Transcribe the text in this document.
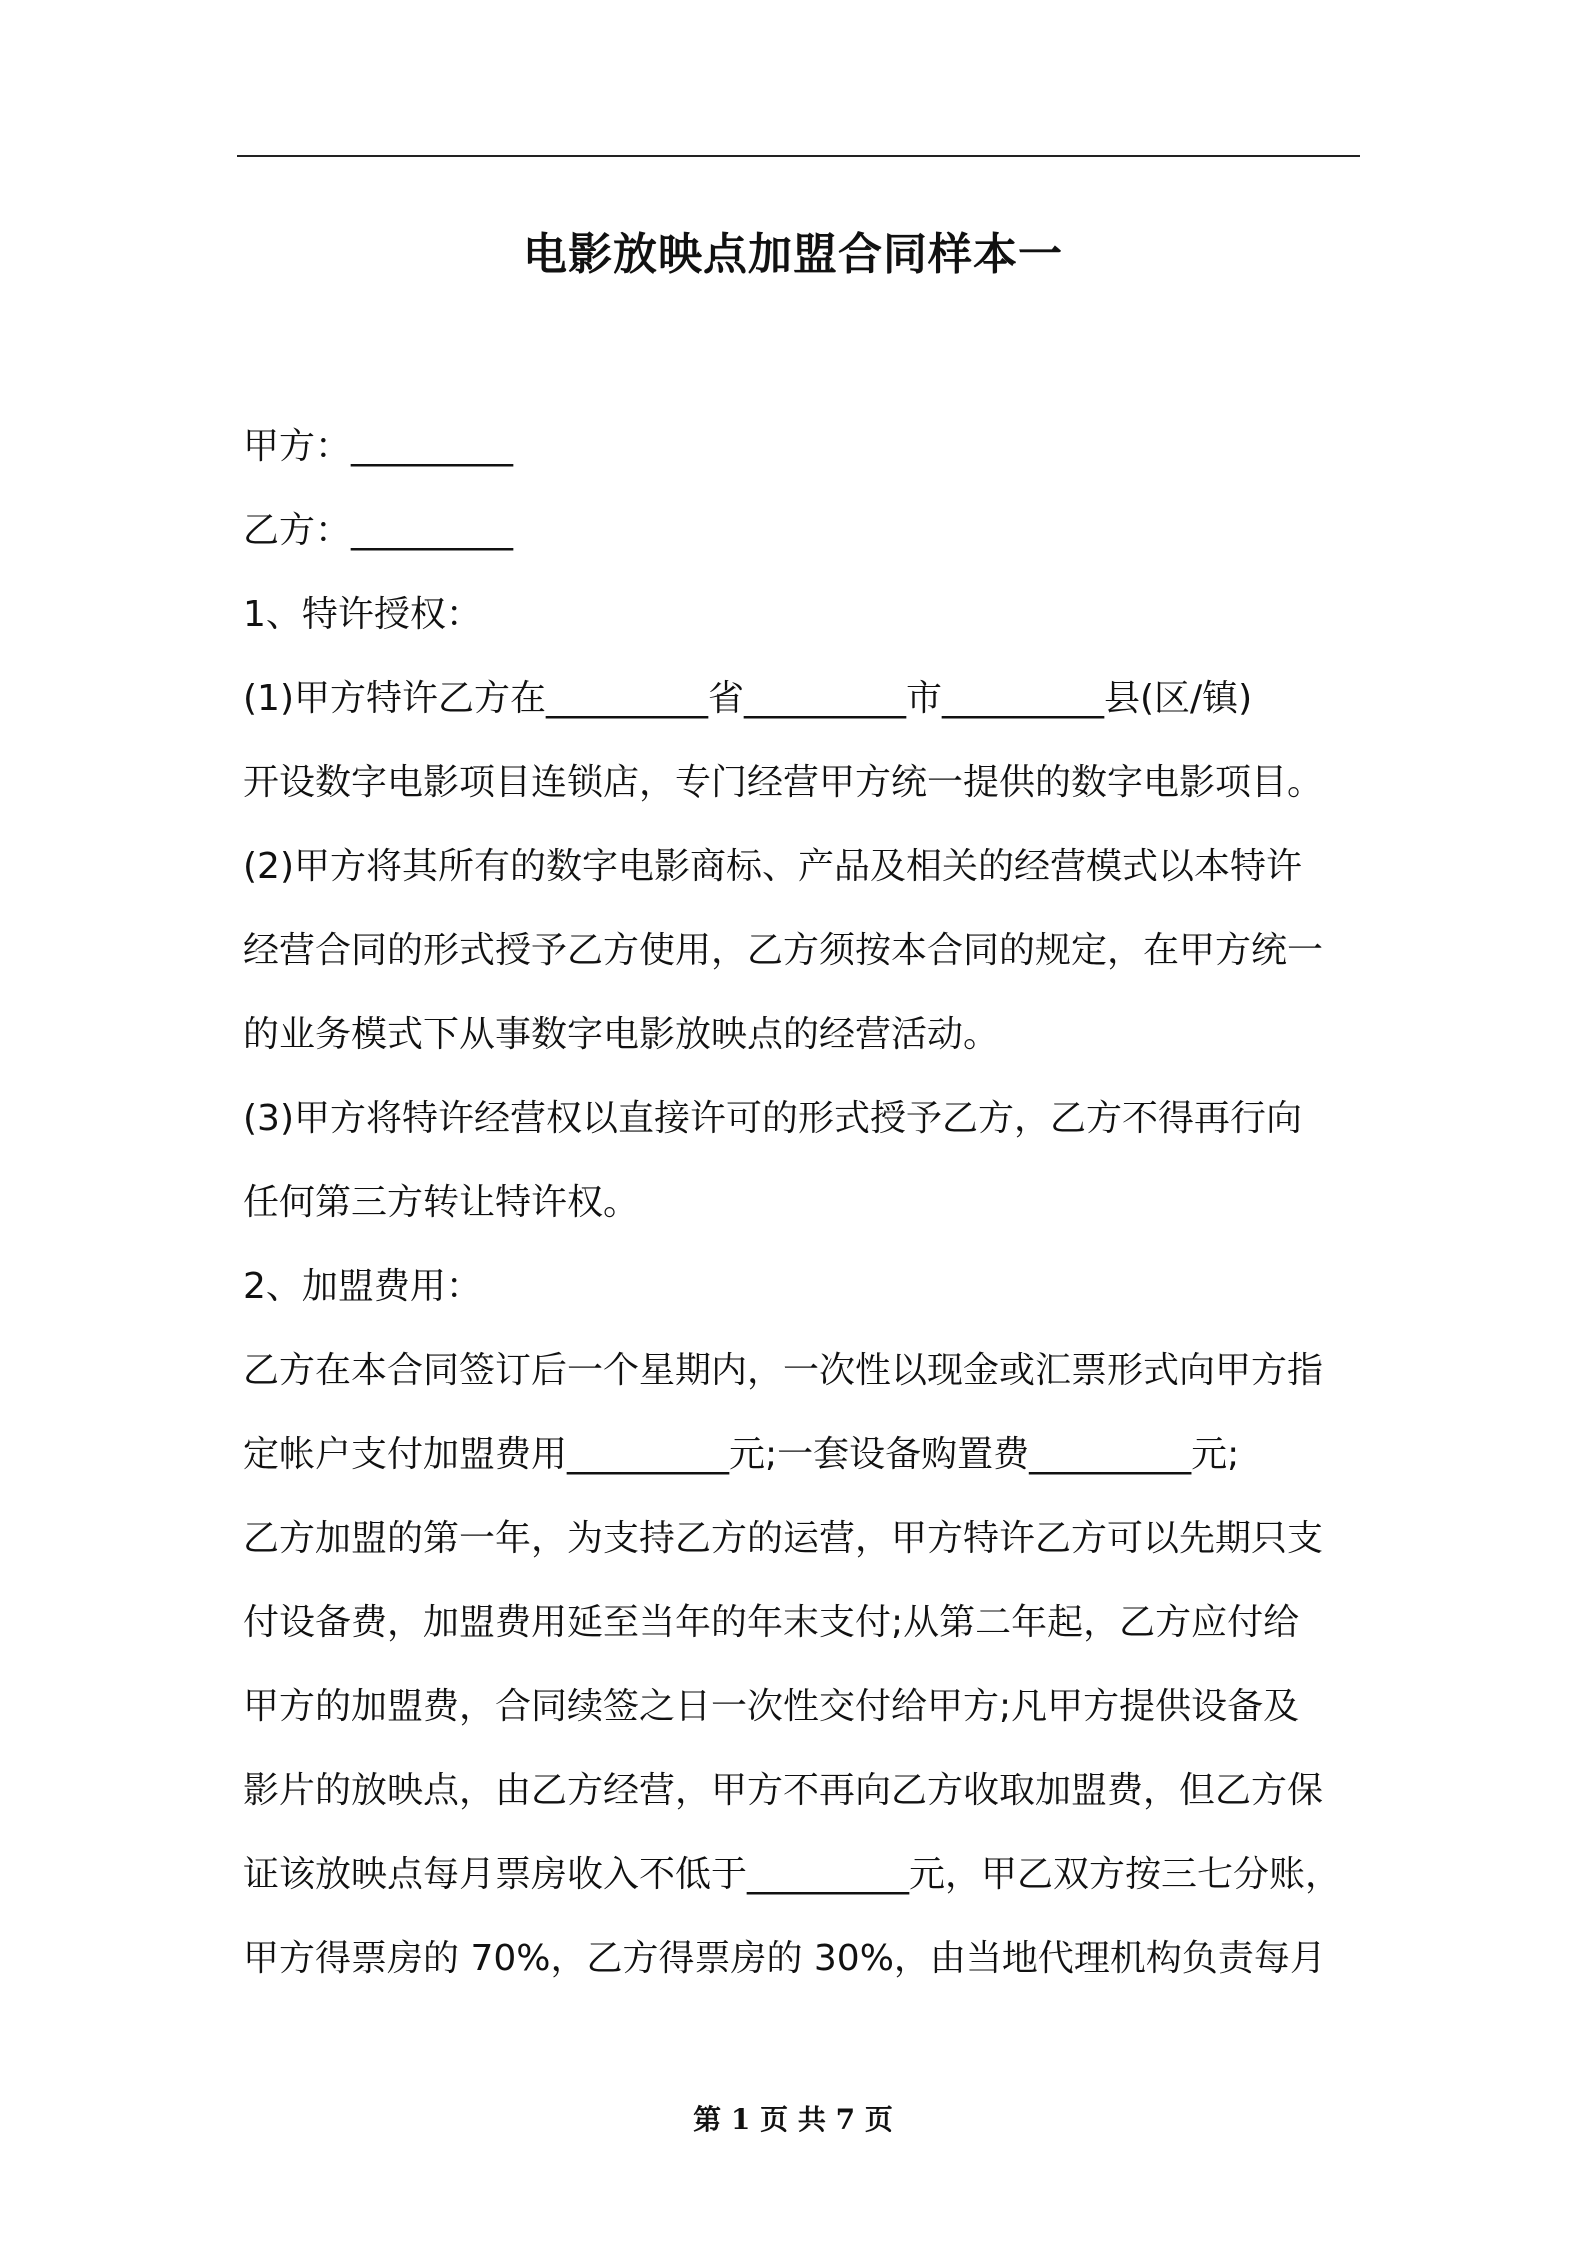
电影放映点加盟合同样本一
甲方：_________
乙方：_________
1、特许授权：
(1)甲方特许乙方在_________省_________市_________县(区/镇)
开设数字电影项目连锁店，专门经营甲方统一提供的数字电影项目。
(2)甲方将其所有的数字电影商标、产品及相关的经营模式以本特许
经营合同的形式授予乙方使用，乙方须按本合同的规定，在甲方统一
的业务模式下从事数字电影放映点的经营活动。
(3)甲方将特许经营权以直接许可的形式授予乙方，乙方不得再行向
任何第三方转让特许权。
2、加盟费用：
乙方在本合同签订后一个星期内，一次性以现金或汇票形式向甲方指
定帐户支付加盟费用_________元;一套设备购置费_________元;
乙方加盟的第一年，为支持乙方的运营，甲方特许乙方可以先期只支
付设备费，加盟费用延至当年的年末支付;从第二年起，乙方应付给
甲方的加盟费，合同续签之日一次性交付给甲方;凡甲方提供设备及
影片的放映点，由乙方经营，甲方不再向乙方收取加盟费，但乙方保
证该放映点每月票房收入不低于_________元，甲乙双方按三七分账，
甲方得票房的 70%，乙方得票房的 30%，由当地代理机构负责每月
第 1 页 共 7 页
